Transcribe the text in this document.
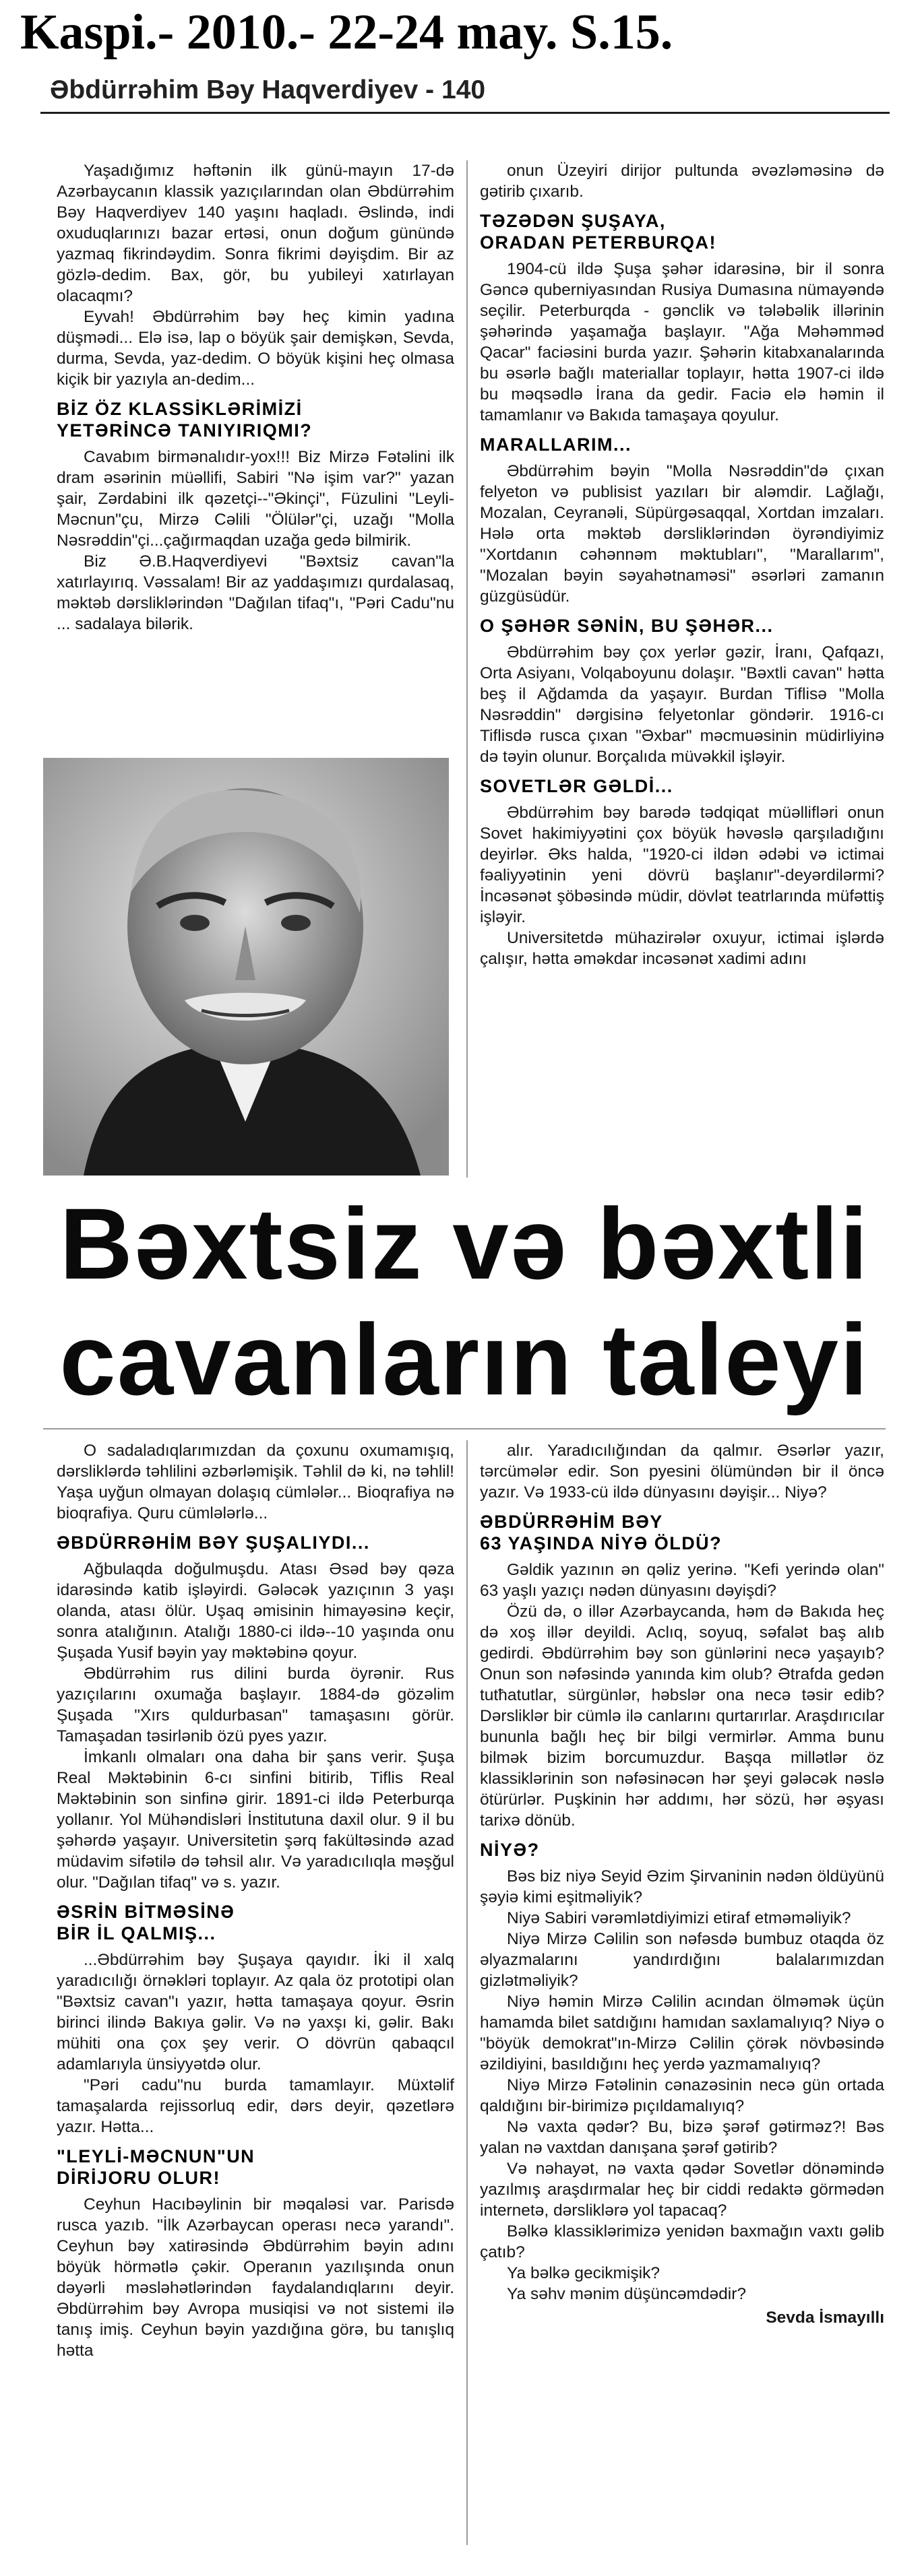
Kaspi.- 2010.- 22-24 may. S.15.
Əbdürrəhim Bəy Haqverdiyev - 140

Yaşadığımız həftənin ilk günü-mayın 17-də Azərbaycanın klassik yazıçılarından olan Əbdürrəhim Bəy Haqverdiyev 140 yaşını haqladı. Əslində, indi oxuduqlarınızı bazar ertəsi, onun doğum günündə yazmaq fikrindəydim. Sonra fikrimi dəyişdim. Bir az gözlə-dedim. Bax, gör, bu yubileyi xatırlayan olacaqmı?

Eyvah! Əbdürrəhim bəy heç kimin yadına düşmədi... Elə isə, lap o böyük şair demişkən, Sevda, durma, Sevda, yaz-dedim. O böyük kişini heç olmasa kiçik bir yazıyla an-dedim...

BİZ ÖZ KLASSİKLƏRİMİZİ
YETƏRİNCƏ TANIYIRIQMI?

Cavabım birmənalıdır-yox!!! Biz Mirzə Fətəlini ilk dram əsərinin müəllifi, Sabiri "Nə işim var?" yazan şair, Zərdabini ilk qəzetçi--"Əkinçi", Füzulini "Leyli-Məcnun"çu, Mirzə Cəlili "Ölülər"çi, uzağı "Molla Nəsrəddin"çi...çağırmaqdan uzağa gedə bilmirik.

Biz Ə.B.Haqverdiyevi "Bəxtsiz cavan"la xatırlayırıq. Vəssalam! Bir az yaddaşımızı qurdalasaq, məktəb dərsliklərindən "Dağılan tifaq"ı, "Pəri Cadu"nu ... sadalaya bilərik.

onun Üzeyiri dirijor pultunda əvəzləməsinə də gətirib çıxarıb.

TƏZƏDƏN ŞUŞAYA,
ORADAN PETERBURQA!

1904-cü ildə Şuşa şəhər idarəsinə, bir il sonra Gəncə quberniyasından Rusiya Dumasına nümayəndə seçilir. Peterburqda - gənclik və tələbəlik illərinin şəhərində yaşamağa başlayır. "Ağa Məhəmməd Qacar" faciəsini burda yazır. Şəhərin kitabxanalarında bu əsərlə bağlı materiallar toplayır, hətta 1907-ci ildə bu məqsədlə İrana da gedir. Faciə elə həmin il tamamlanır və Bakıda tamaşaya qoyulur.

MARALLARIM...

Əbdürrəhim bəyin "Molla Nəsrəddin"də çıxan felyeton və publisist yazıları bir aləmdir. Lağlağı, Mozalan, Ceyranəli, Süpürgəsaqqal, Xortdan imzaları. Hələ orta məktəb dərsliklərindən öyrəndiyimiz "Xortdanın cəhənnəm məktubları", "Marallarım", "Mozalan bəyin səyahətnaməsi" əsərləri zamanın güzgüsüdür.

O ŞƏHƏR SƏNİN, BU ŞƏHƏR...

Əbdürrəhim bəy çox yerlər gəzir, İranı, Qafqazı, Orta Asiyanı, Volqaboyunu dolaşır. "Bəxtli cavan" hətta beş il Ağdamda da yaşayır. Burdan Tiflisə "Molla Nəsrəddin" dərgisinə felyetonlar göndərir. 1916-cı Tiflisdə rusca çıxan "Əxbar" məcmuəsinin müdirliyinə də təyin olunur. Borçalıda müvəkkil işləyir.

SOVETLƏR GƏLDİ...

Əbdürrəhim bəy barədə tədqiqat müəllifləri onun Sovet hakimiyyətini çox böyük həvəslə qarşıladığını deyirlər. Əks halda, "1920-ci ildən ədəbi və ictimai fəaliyyətinin yeni dövrü başlanır"-deyərdilərmi? İncəsənət şöbəsində müdir, dövlət teatrlarında müfəttiş işləyir.

Universitetdə mühazirələr oxuyur, ictimai işlərdə çalışır, hətta əməkdar incəsənət xadimi adını

Bəxtsiz və bəxtli
cavanların taleyi

O sadaladıqlarımızdan da çoxunu oxumamışıq, dərsliklərdə təhlilini əzbərləmişik. Təhlil də ki, nə təhlil! Yaşa uyğun olmayan dolaşıq cümlələr... Bioqrafiya nə bioqrafiya. Quru cümlələrlə...

ƏBDÜRRƏHİM BƏY ŞUŞALIYDI...

Ağbulaqda doğulmuşdu. Atası Əsəd bəy qəza idarəsində katib işləyirdi. Gələcək yazıçının 3 yaşı olanda, atası ölür. Uşaq əmisinin himayəsinə keçir, sonra atalığının. Atalığı 1880-ci ildə--10 yaşında onu Şuşada Yusif bəyin yay məktəbinə qoyur.

Əbdürrəhim rus dilini burda öyrənir. Rus yazıçılarını oxumağa başlayır. 1884-də gözəlim Şuşada "Xırs quldurbasan" tamaşasını görür. Tamaşadan təsirlənib özü pyes yazır.

İmkanlı olmaları ona daha bir şans verir. Şuşa Real Məktəbinin 6-cı sinfini bitirib, Tiflis Real Məktəbinin son sinfinə girir. 1891-ci ildə Peterburqa yollanır. Yol Mühəndisləri İnstitutuna daxil olur. 9 il bu şəhərdə yaşayır. Universitetin şərq fakültəsində azad müdavim sifətilə də təhsil alır. Və yaradıcılıqla məşğul olur. "Dağılan tifaq" və s. yazır.

ƏSRİN BİTMƏSİNƏ
BİR İL QALMIŞ...

...Əbdürrəhim bəy Şuşaya qayıdır. İki il xalq yaradıcılığı örnəkləri toplayır. Az qala öz prototipi olan "Bəxtsiz cavan"ı yazır, hətta tamaşaya qoyur. Əsrin birinci ilində Bakıya gəlir. Və nə yaxşı ki, gəlir. Bakı mühiti ona çox şey verir. O dövrün qabaqcıl adamlarıyla ünsiyyətdə olur.

"Pəri cadu"nu burda tamamlayır. Müxtəlif tamaşalarda rejissorluq edir, dərs deyir, qəzetlərə yazır. Hətta...

"LEYLİ-MƏCNUN"UN
DİRİJORU OLUR!

Ceyhun Hacıbəylinin bir məqaləsi var. Parisdə rusca yazıb. "İlk Azərbaycan operası necə yarandı". Ceyhun bəy xatirəsində Əbdürrəhim bəyin adını böyük hörmətlə çəkir. Operanın yazılışında onun dəyərli məsləhətlərindən faydalandıqlarını deyir. Əbdürrəhim bəy Avropa musiqisi və not sistemi ilə tanış imiş. Ceyhun bəyin yazdığına görə, bu tanışlıq hətta

alır. Yaradıcılığından da qalmır. Əsərlər yazır, tərcümələr edir. Son pyesini ölümündən bir il öncə yazır. Və 1933-cü ildə dünyasını dəyişir... Niyə?

ƏBDÜRRƏHİM BƏY
63 YAŞINDA NİYƏ ÖLDÜ?

Gəldik yazının ən qəliz yerinə. "Kefi yerində olan" 63 yaşlı yazıçı nədən dünyasını dəyişdi?

Özü də, o illər Azərbaycanda, həm də Bakıda heç də xoş illər deyildi. Aclıq, soyuq, səfalət baş alıb gedirdi. Əbdürrəhim bəy son günlərini necə yaşayıb? Onun son nəfəsində yanında kim olub? Ətrafda gedən tutħatutlar, sürgünlər, həbslər ona necə təsir edib? Dərsliklər bir cümlə ilə canlarını qurtarırlar. Araşdırıcılar bununla bağlı heç bir bilgi vermirlər. Amma bunu bilmək bizim borcumuzdur. Başqa millətlər öz klassiklərinin son nəfəsinəcən hər şeyi gələcək nəslə ötürürlər. Puşkinin hər addımı, hər sözü, hər əşyası tarixə dönüb.

NİYƏ?

Bəs biz niyə Seyid Əzim Şirvaninin nədən öldüyünü şəyiə kimi eşitməliyik?

Niyə Sabiri vərəmlətdiyimizi etiraf etməməliyik?

Niyə Mirzə Cəlilin son nəfəsdə bumbuz otaqda öz əlyazmalarını yandırdığını balalarımızdan gizlətməliyik?

Niyə həmin Mirzə Cəlilin acından ölməmək üçün hamamda bilet satdığını hamıdan saxlamalıyıq? Niyə o "böyük demokrat"ın-Mirzə Cəlilin çörək növbəsində əzildiyini, basıldığını heç yerdə yazmamalıyıq?

Niyə Mirzə Fətəlinin cənazəsinin necə gün ortada qaldığını bir-birimizə pıçıldamalıyıq?

Nə vaxta qədər? Bu, bizə şərəf gətirməz?! Bəs yalan nə vaxtdan danışana şərəf gətirib?

Və nəhayət, nə vaxta qədər Sovetlər dönəmində yazılmış araşdırmalar heç bir ciddi redaktə görmədən internetə, dərsliklərə yol tapacaq?

Bəlkə klassiklərimizə yenidən baxmağın vaxtı gəlib çatıb?

Ya bəlkə gecikmişik?

Ya səhv mənim düşüncəmdədir?

Sevda İsmayıllı
